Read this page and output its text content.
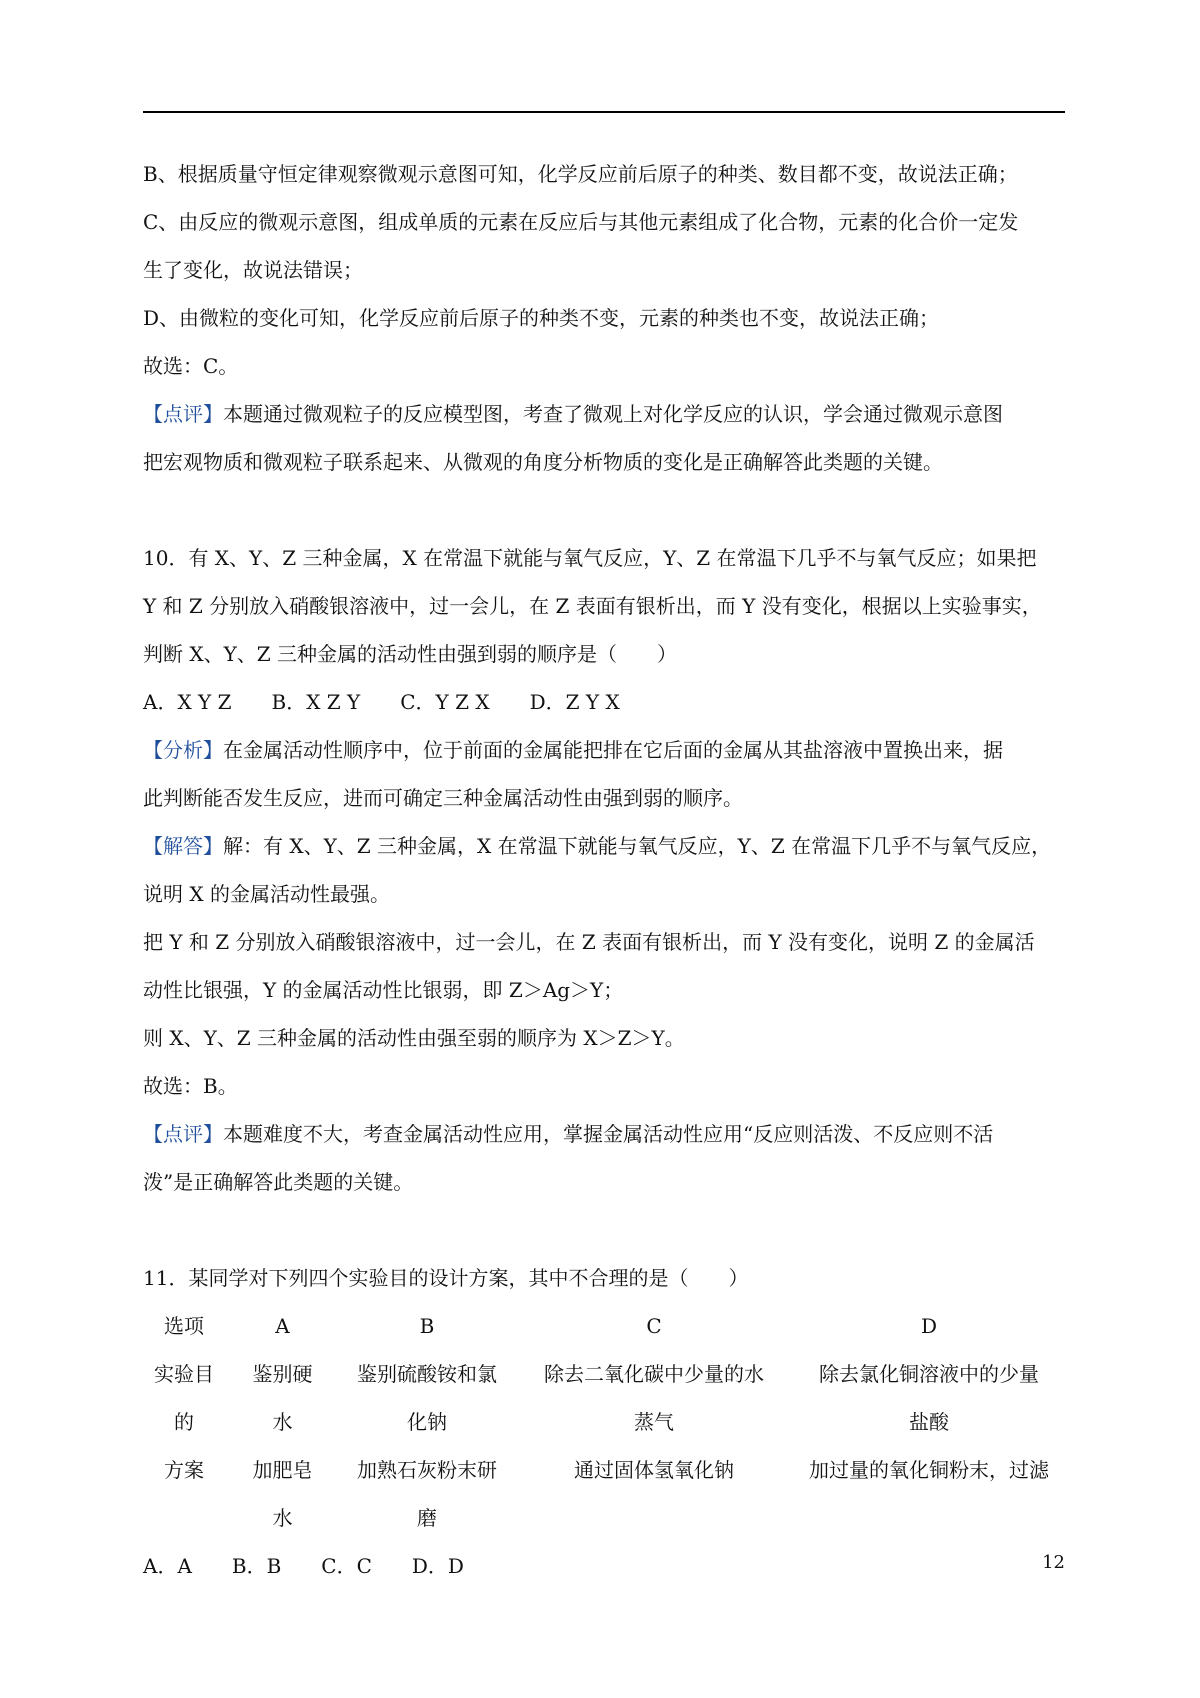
B、根据质量守恒定律观察微观示意图可知，化学反应前后原子的种类、数目都不变，故说法正确；
C、由反应的微观示意图，组成单质的元素在反应后与其他元素组成了化合物，元素的化合价一定发
生了变化，故说法错误；
D、由微粒的变化可知，化学反应前后原子的种类不变，元素的种类也不变，故说法正确；
故选：C。
【点评】本题通过微观粒子的反应模型图，考查了微观上对化学反应的认识，学会通过微观示意图
把宏观物质和微观粒子联系起来、从微观的角度分析物质的变化是正确解答此类题的关键。
10．有 X、Y、Z 三种金属，X 在常温下就能与氧气反应，Y、Z 在常温下几乎不与氧气反应；如果把
Y 和 Z 分别放入硝酸银溶液中，过一会儿，在 Z 表面有银析出，而 Y 没有变化，根据以上实验事实，
判断 X、Y、Z 三种金属的活动性由强到弱的顺序是（　　）
A．X Y Z　　B．X Z Y　　C．Y Z X　　D．Z Y X
【分析】在金属活动性顺序中，位于前面的金属能把排在它后面的金属从其盐溶液中置换出来，据
此判断能否发生反应，进而可确定三种金属活动性由强到弱的顺序。
【解答】解：有 X、Y、Z 三种金属，X 在常温下就能与氧气反应，Y、Z 在常温下几乎不与氧气反应，
说明 X 的金属活动性最强。
把 Y 和 Z 分别放入硝酸银溶液中，过一会儿，在 Z 表面有银析出，而 Y 没有变化，说明 Z 的金属活
动性比银强，Y 的金属活动性比银弱，即 Z＞Ag＞Y；
则 X、Y、Z 三种金属的活动性由强至弱的顺序为 X＞Z＞Y。
故选：B。
【点评】本题难度不大，考查金属活动性应用，掌握金属活动性应用“反应则活泼、不反应则不活
泼”是正确解答此类题的关键。
11．某同学对下列四个实验目的设计方案，其中不合理的是（　　）
选项	A	B	C	D
实验目	鉴别硬	鉴别硫酸铵和氯	除去二氧化碳中少量的水	除去氯化铜溶液中的少量
的	水	化钠	蒸气	盐酸
方案	加肥皂	加熟石灰粉末研	通过固体氢氧化钠	加过量的氧化铜粉末，过滤
	水	磨		
A．A　　B．B　　C．C　　D．D	12
